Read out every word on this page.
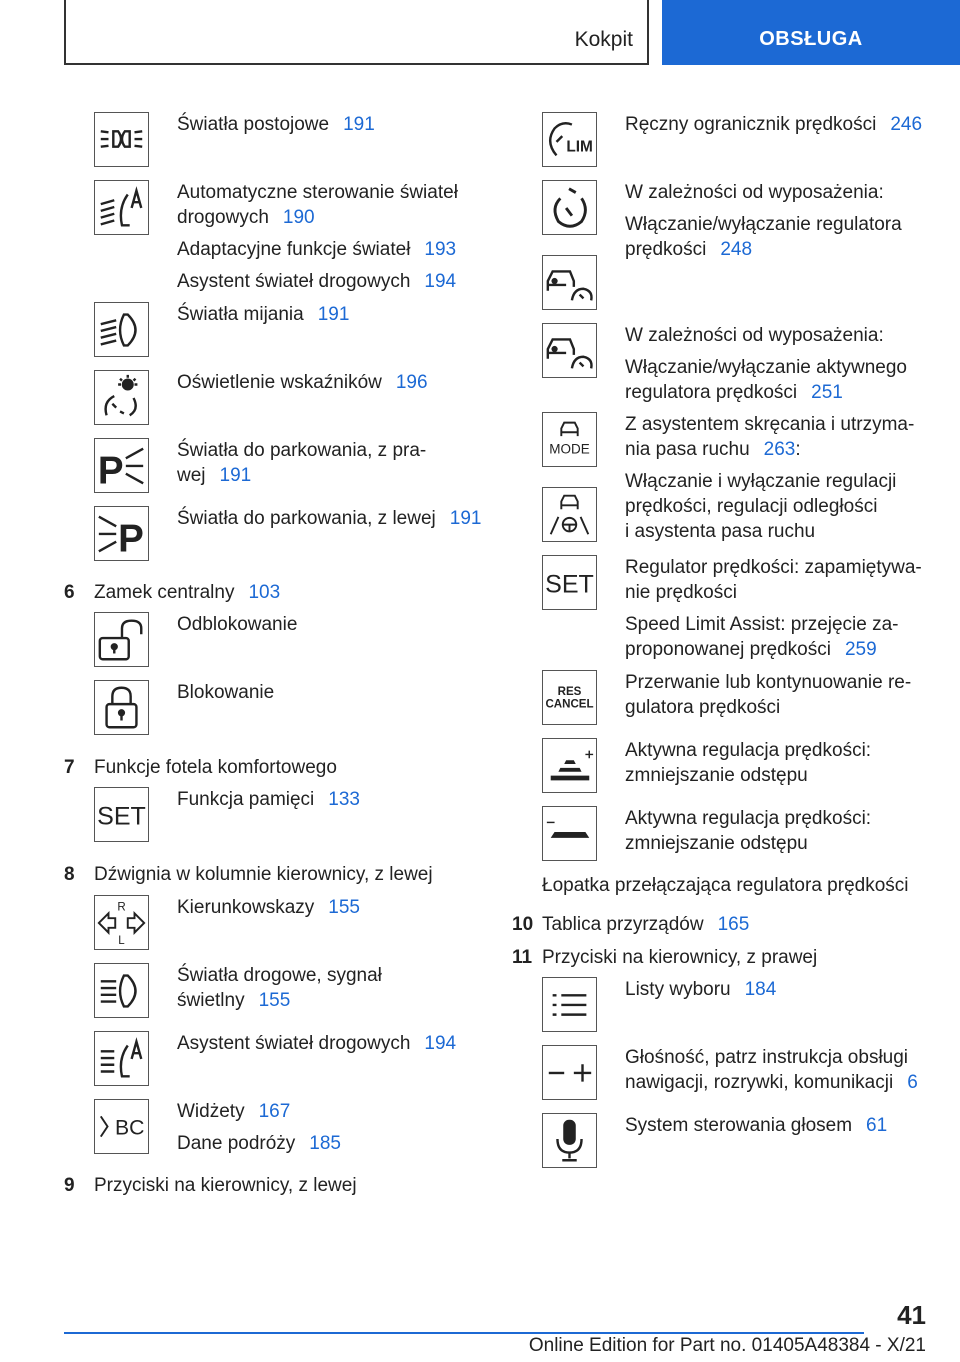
Kokpit	OBSŁUGA
Światła postojowe 191
Automatyczne sterowanie świateł
drogowych 190
Adaptacyjne funkcje świateł 193
Asystent świateł drogowych 194
Światła mijania 191
Oświetlenie wskaźników 196
P	Światła do parkowania, z pra-
wej 191
P Światła do parkowania, z lewej 191
6 Zamek centralny 103
Odblokowanie
Blokowanie
7 Funkcje fotela komfortowego
SET
Funkcja pamięci 133
8 Dźwignia w kolumnie kierownicy, z lewej
R
L
Kierunkowskazy 155
Światła drogowe, sygnał
świetlny 155
Asystent świateł drogowych 194
BC
Widżety 167
Dane podróży 185
9 Przyciski na kierownicy, z lewej
LIM
Ręczny ogranicznik prędkości 246
W zależności od wyposażenia:
Włączanie/wyłączanie regulatora
prędkości 248
W zależności od wyposażenia:
Włączanie/wyłączanie aktywnego
regulatora prędkości 251
MODE
Z asystentem skręcania i utrzyma-
nia pasa ruchu 263:
Włączanie i wyłączanie regulacji
prędkości, regulacji odległości
i asystenta pasa ruchu
SET
Regulator prędkości: zapamiętywa-
nie prędkości
Speed Limit Assist: przejęcie za-
proponowanej prędkości 259
RES
CANCEL
Przerwanie lub kontynuowanie re-
gulatora prędkości
Aktywna regulacja prędkości:
zmniejszanie odstępu
Aktywna regulacja prędkości:
zmniejszanie odstępu
Łopatka przełączająca regulatora prędkości
10 Tablica przyrządów 165
11 Przyciski na kierownicy, z prawej
Listy wyboru 184
Głośność, patrz instrukcja obsługi
nawigacji, rozrywki, komunikacji 6
System sterowania głosem 61
41
Online Edition for Part no. 01405A48384 - X/21
